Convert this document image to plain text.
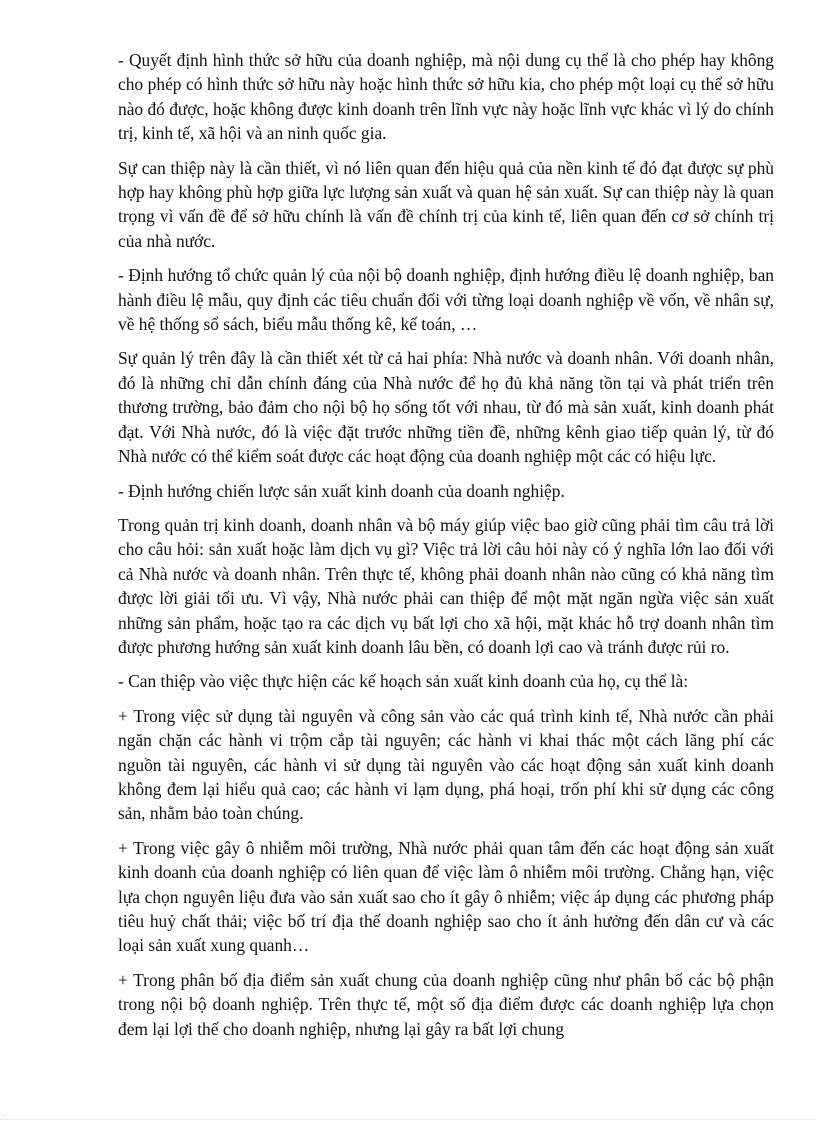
- Quyết định hình thức sở hữu của doanh nghiệp, mà nội dung cụ thể là cho phép hay không cho phép có hình thức sở hữu này hoặc hình thức sở hữu kia, cho phép một loại cụ thể sở hữu nào đó được, hoặc không được kinh doanh trên lĩnh vực này hoặc lĩnh vực khác vì lý do chính trị, kinh tế, xã hội và an ninh quốc gia.

Sự can thiệp này là cần thiết, vì nó liên quan đến hiệu quả của nền kinh tế đó đạt được sự phù hợp hay không phù hợp giữa lực lượng sản xuất và quan hệ sản xuất. Sự can thiệp này là quan trọng vì vấn đề để sở hữu chính là vấn đề chính trị của kinh tế, liên quan đến cơ sở chính trị của nhà nước.

- Định hướng tổ chức quản lý của nội bộ doanh nghiệp, định hướng điều lệ doanh nghiệp, ban hành điều lệ mẫu, quy định các tiêu chuẩn đối với từng loại doanh nghiệp về vốn, về nhân sự, về hệ thống sổ sách, biểu mẫu thống kê, kế toán, …

Sự quản lý trên đây là cần thiết xét từ cả hai phía: Nhà nước và doanh nhân. Với doanh nhân, đó là những chỉ dẫn chính đáng của Nhà nước để họ đủ khả năng tồn tại và phát triển trên thương trường, bảo đảm cho nội bộ họ sống tốt với nhau, từ đó mà sản xuất, kinh doanh phát đạt. Với Nhà nước, đó là việc đặt trước những tiền đề, những kênh giao tiếp quản lý, từ đó Nhà nước có thể kiểm soát được các hoạt động của doanh nghiệp một các có hiệu lực.

- Định hướng chiến lược sản xuất kinh doanh của doanh nghiệp.

Trong quản trị kinh doanh, doanh nhân và bộ máy giúp việc bao giờ cũng phải tìm câu trả lời cho câu hỏi: sản xuất hoặc làm dịch vụ gì? Việc trả lời câu hỏi này có ý nghĩa lớn lao đối với cả Nhà nước và doanh nhân. Trên thực tế, không phải doanh nhân nào cũng có khả năng tìm được lời giải tối ưu. Vì vậy, Nhà nước phải can thiệp để một mặt ngăn ngừa việc sản xuất những sản phẩm, hoặc tạo ra các dịch vụ bất lợi cho xã hội, mặt khác hỗ trợ doanh nhân tìm được phương hướng sản xuất kinh doanh lâu bền, có doanh lợi cao và tránh được rủi ro.

- Can thiệp vào việc thực hiện các kế hoạch sản xuất kinh doanh của họ, cụ thể là:

+ Trong việc sử dụng tài nguyên và công sản vào các quá trình kinh tế, Nhà nước cần phải ngăn chặn các hành vi trộm cắp tài nguyên; các hành vi khai thác một cách lãng phí các nguồn tài nguyên, các hành vi sử dụng tài nguyên vào các hoạt động sản xuất kinh doanh không đem lại hiểu quả cao; các hành vi lạm dụng, phá hoại, trốn phí khi sử dụng các công sản, nhằm bảo toàn chúng.

+ Trong việc gây ô nhiễm môi trường, Nhà nước phải quan tâm đến các hoạt động sản xuất kinh doanh của doanh nghiệp có liên quan để việc làm ô nhiễm môi trường. Chẳng hạn, việc lựa chọn nguyên liệu đưa vào sản xuất sao cho ít gây ô nhiễm; việc áp dụng các phương pháp tiêu huỷ chất thải; việc bố trí địa thế doanh nghiệp sao cho ít ảnh hưởng đến dân cư và các loại sản xuất xung quanh…

+ Trong phân bố địa điểm sản xuất chung của doanh nghiệp cũng như phân bố các bộ phận trong nội bộ doanh nghiệp. Trên thực tế, một số địa điểm được các doanh nghiệp lựa chọn đem lại lợi thế cho doanh nghiệp, nhưng lại gây ra bất lợi chung
